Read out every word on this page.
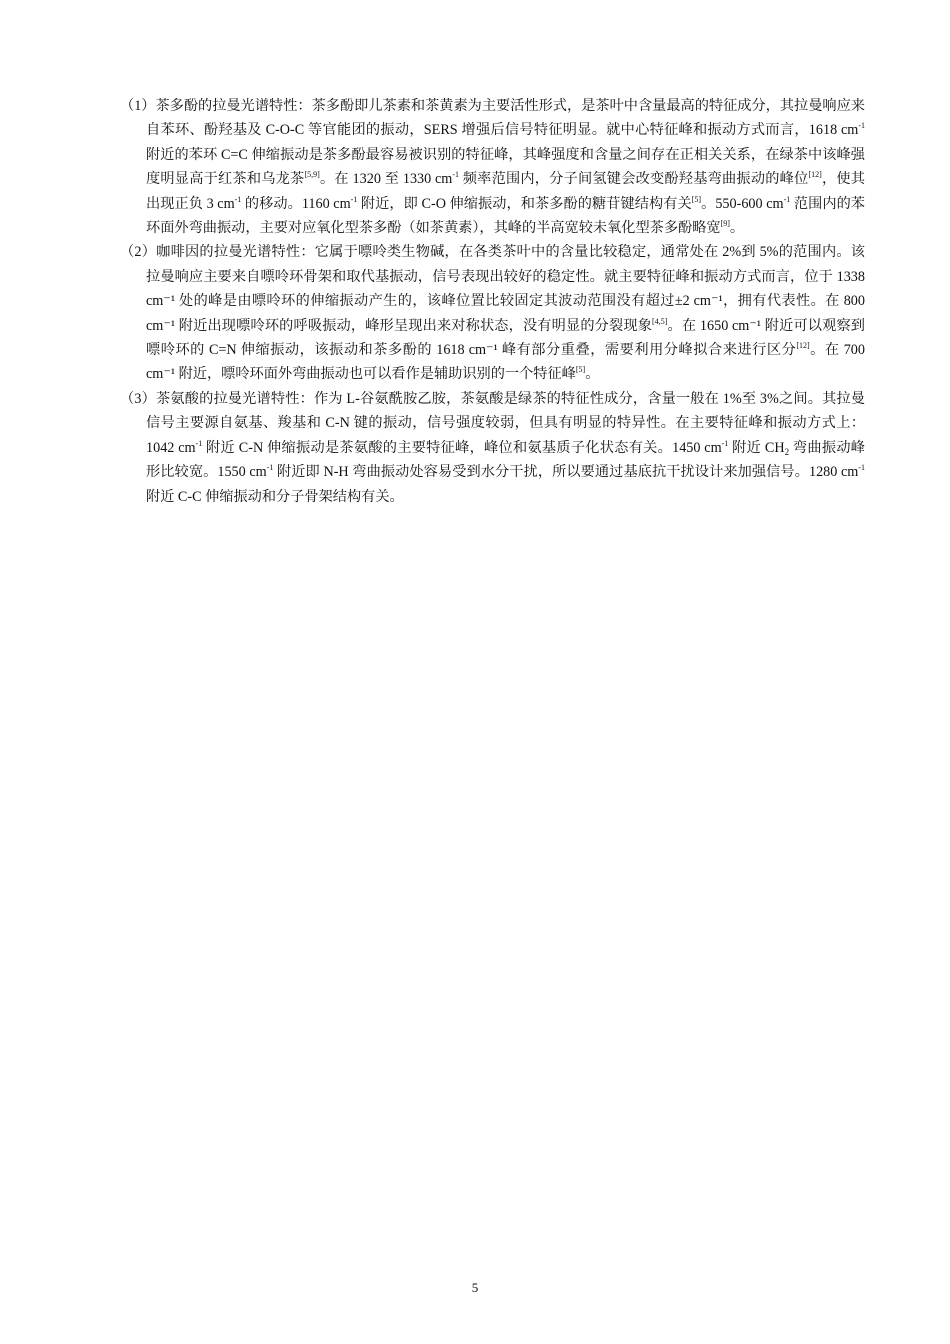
（1）茶多酚的拉曼光谱特性：茶多酚即儿茶素和茶黄素为主要活性形式，是茶叶中含量最高的特征成分，其拉曼响应来自苯环、酚羟基及 C-O-C 等官能团的振动，SERS 增强后信号特征明显。就中心特征峰和振动方式而言，1618 $cm^{-1}$ 附近的苯环 C=C 伸缩振动是茶多酚最容易被识别的特征峰，其峰强度和含量之间存在正相关关系，在绿茶中该峰强度明显高于红茶和乌龙茶[5,9]。在 1320 至 1330 $cm^{-1}$ 频率范围内，分子间氢键会改变酚羟基弯曲振动的峰位[12]，使其出现正负 3 $cm^{-1}$ 的移动。1160 $cm^{-1}$ 附近，即 C-O 伸缩振动，和茶多酚的糖苷键结构有关[5]。550-600 $cm^{-1}$ 范围内的苯环面外弯曲振动，主要对应氧化型茶多酚（如茶黄素），其峰的半高宽较未氧化型茶多酚略宽[9]。

（2）咖啡因的拉曼光谱特性：它属于嘌呤类生物碱，在各类茶叶中的含量比较稳定，通常处在 2%到 5%的范围内。该拉曼响应主要来自嘌呤环骨架和取代基振动，信号表现出较好的稳定性。就主要特征峰和振动方式而言，位于 1338 cm⁻¹ 处的峰是由嘌呤环的伸缩振动产生的，该峰位置比较固定其波动范围没有超过±2 cm⁻¹，拥有代表性。在 800 cm⁻¹ 附近出现嘌呤环的呼吸振动，峰形呈现出来对称状态，没有明显的分裂现象[4,5]。在 1650 cm⁻¹ 附近可以观察到嘌呤环的 C=N 伸缩振动，该振动和茶多酚的 1618 cm⁻¹ 峰有部分重叠，需要利用分峰拟合来进行区分[12]。在 700 cm⁻¹ 附近，嘌呤环面外弯曲振动也可以看作是辅助识别的一个特征峰[5]。

（3）茶氨酸的拉曼光谱特性：作为 L-谷氨酰胺乙胺，茶氨酸是绿茶的特征性成分，含量一般在 1%至 3%之间。其拉曼信号主要源自氨基、羧基和 C-N 键的振动，信号强度较弱，但具有明显的特异性。在主要特征峰和振动方式上：1042 $cm^{-1}$ 附近 C-N 伸缩振动是茶氨酸的主要特征峰，峰位和氨基质子化状态有关。1450 $cm^{-1}$ 附近 $CH_2$ 弯曲振动峰形比较宽。1550 $cm^{-1}$ 附近即 N-H 弯曲振动处容易受到水分干扰，所以要通过基底抗干扰设计来加强信号。1280 $cm^{-1}$ 附近 C-C 伸缩振动和分子骨架结构有关。

5
